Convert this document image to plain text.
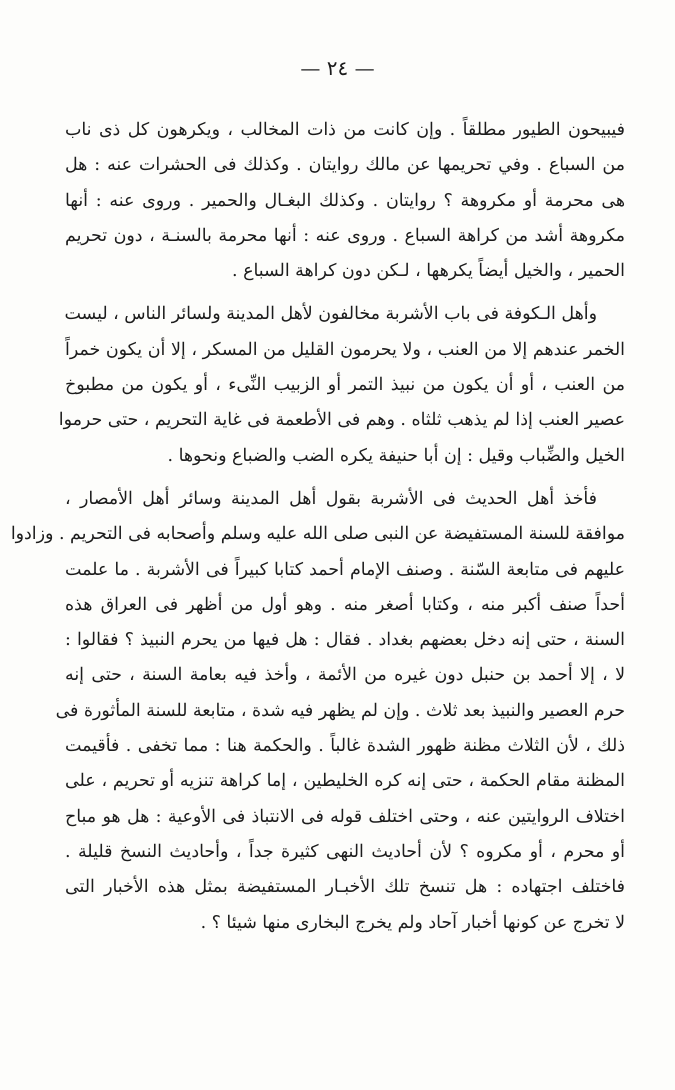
— ٢٤ —
فيبيحون الطيور مطلقاً . وإن كانت من ذات المخالب ، ويكرهون كل ذى ناب
من السباع . وفي تحريمها عن مالك روايتان . وكذلك فى الحشرات عنه : هل
هى محرمة أو مكروهة ؟ روايتان . وكذلك البغـال والحمير . وروى عنه : أنها
مكروهة أشد من كراهة السباع . وروى عنه : أنها محرمة بالسنـة ، دون تحريم
الحمير ، والخيل أيضاً يكرهها ، لـكن دون كراهة السباع .
وأهل الـكوفة فى باب الأشربة مخالفون لأهل المدينة ولسائر الناس ، ليست
الخمر عندهم إلا من العنب ، ولا يحرمون القليل من المسكر ، إلا أن يكون خمراً
من العنب ، أو أن يكون من نبيذ التمر أو الزبيب النِّىء ، أو يكون من مطبوخ
عصير العنب إذا لم يذهب ثلثاه . وهم فى الأطعمة فى غاية التحريم ، حتى حرموا
الخيل والضِّباب وقيل : إن أبا حنيفة يكره الضب والضباع ونحوها .
فأخذ أهل الحديث فى الأشربة بقول أهل المدينة وسائر أهل الأمصار ،
موافقة للسنة المستفيضة عن النبى صلى الله عليه وسلم وأصحابه فى التحريم . وزادوا
عليهم فى متابعة السّنة . وصنف الإمام أحمد كتابا كبيراً فى الأشربة . ما علمت
أحداً صنف أكبر منه ، وكتابا أصغر منه . وهو أول من أظهر فى العراق هذه
السنة ، حتى إنه دخل بعضهم بغداد . فقال : هل فيها من يحرم النبيذ ؟ فقالوا :
لا ، إلا أحمد بن حنبل دون غيره من الأئمة ، وأخذ فيه بعامة السنة ، حتى إنه
حرم العصير والنبيذ بعد ثلاث . وإن لم يظهر فيه شدة ، متابعة للسنة المأثورة فى
ذلك ، لأن الثلاث مظنة ظهور الشدة غالباً . والحكمة هنا : مما تخفى . فأقيمت
المظنة مقام الحكمة ، حتى إنه كره الخليطين ، إما كراهة تنزيه أو تحريم ، على
اختلاف الروايتين عنه ، وحتى اختلف قوله فى الانتباذ فى الأوعية : هل هو مباح
أو محرم ، أو مكروه ؟ لأن أحاديث النهى كثيرة جداً ، وأحاديث النسخ قليلة .
فاختلف اجتهاده : هل تنسخ تلك الأخبـار المستفيضة بمثل هذه الأخبار التى
لا تخرج عن كونها أخبار آحاد ولم يخرج البخارى منها شيئا ؟ .
